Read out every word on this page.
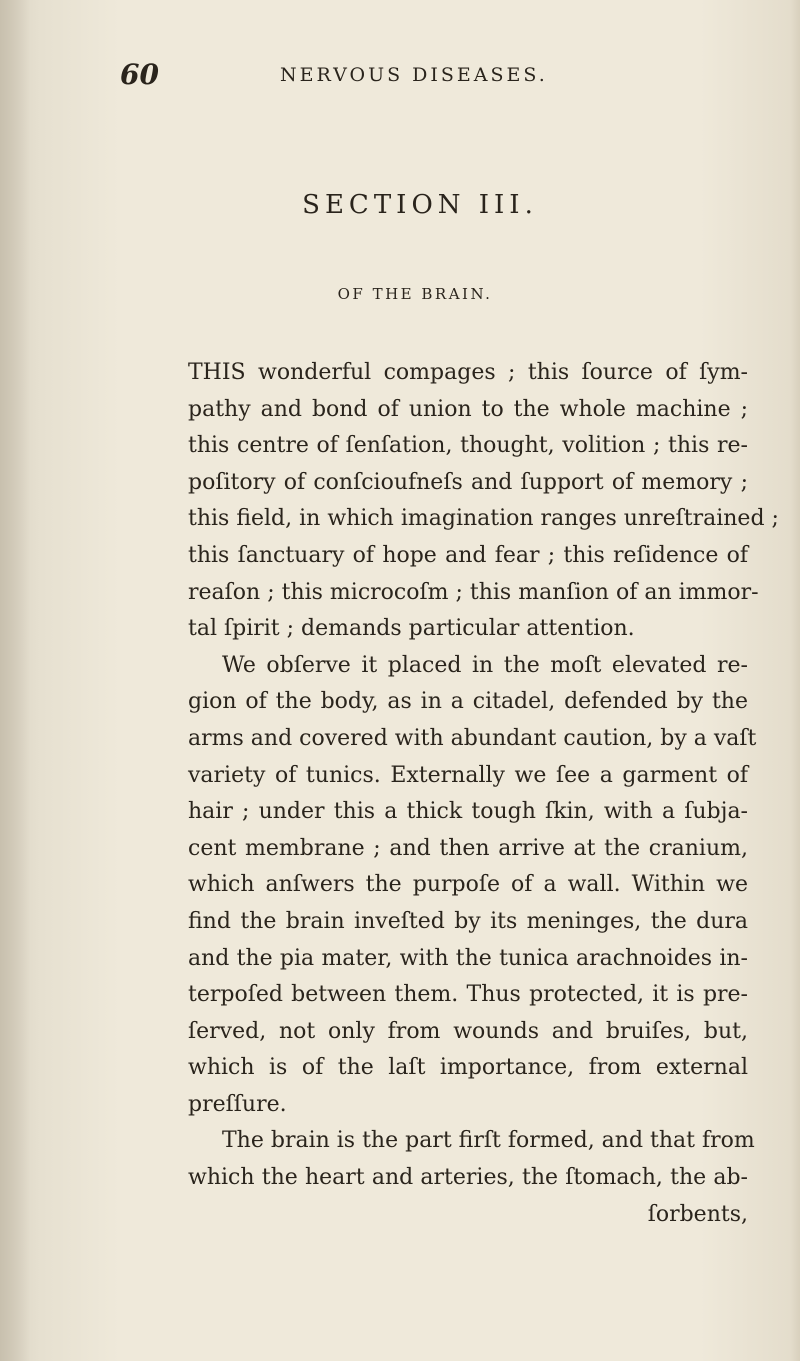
60	NERVOUS DISEASES.
SECTION III.
OF THE BRAIN.
THIS wonderful compages ; this ſource of ſym-
pathy and bond of union to the whole machine ;
this centre of ſenſation, thought, volition ; this re-
poſitory of conſcioufneſs and ſupport of memory ;
this field, in which imagination ranges unreſtrained ;
this ſanctuary of hope and fear ; this reſidence of
reaſon ; this microcoſm ; this manſion of an immor-
tal ſpirit ; demands particular attention.
We obſerve it placed in the moſt elevated re-
gion of the body, as in a citadel, defended by the
arms and covered with abundant caution, by a vaſt
variety of tunics. Externally we ſee a garment of
hair ; under this a thick tough ſkin, with a ſubja-
cent membrane ; and then arrive at the cranium,
which anſwers the purpoſe of a wall. Within we
find the brain inveſted by its meninges, the dura
and the pia mater, with the tunica arachnoides in-
terpoſed between them. Thus protected, it is pre-
ſerved, not only from wounds and bruiſes, but,
which is of the laſt importance, from external
preſſure.
The brain is the part firſt formed, and that from
which the heart and arteries, the ſtomach, the ab-
ſorbents,
